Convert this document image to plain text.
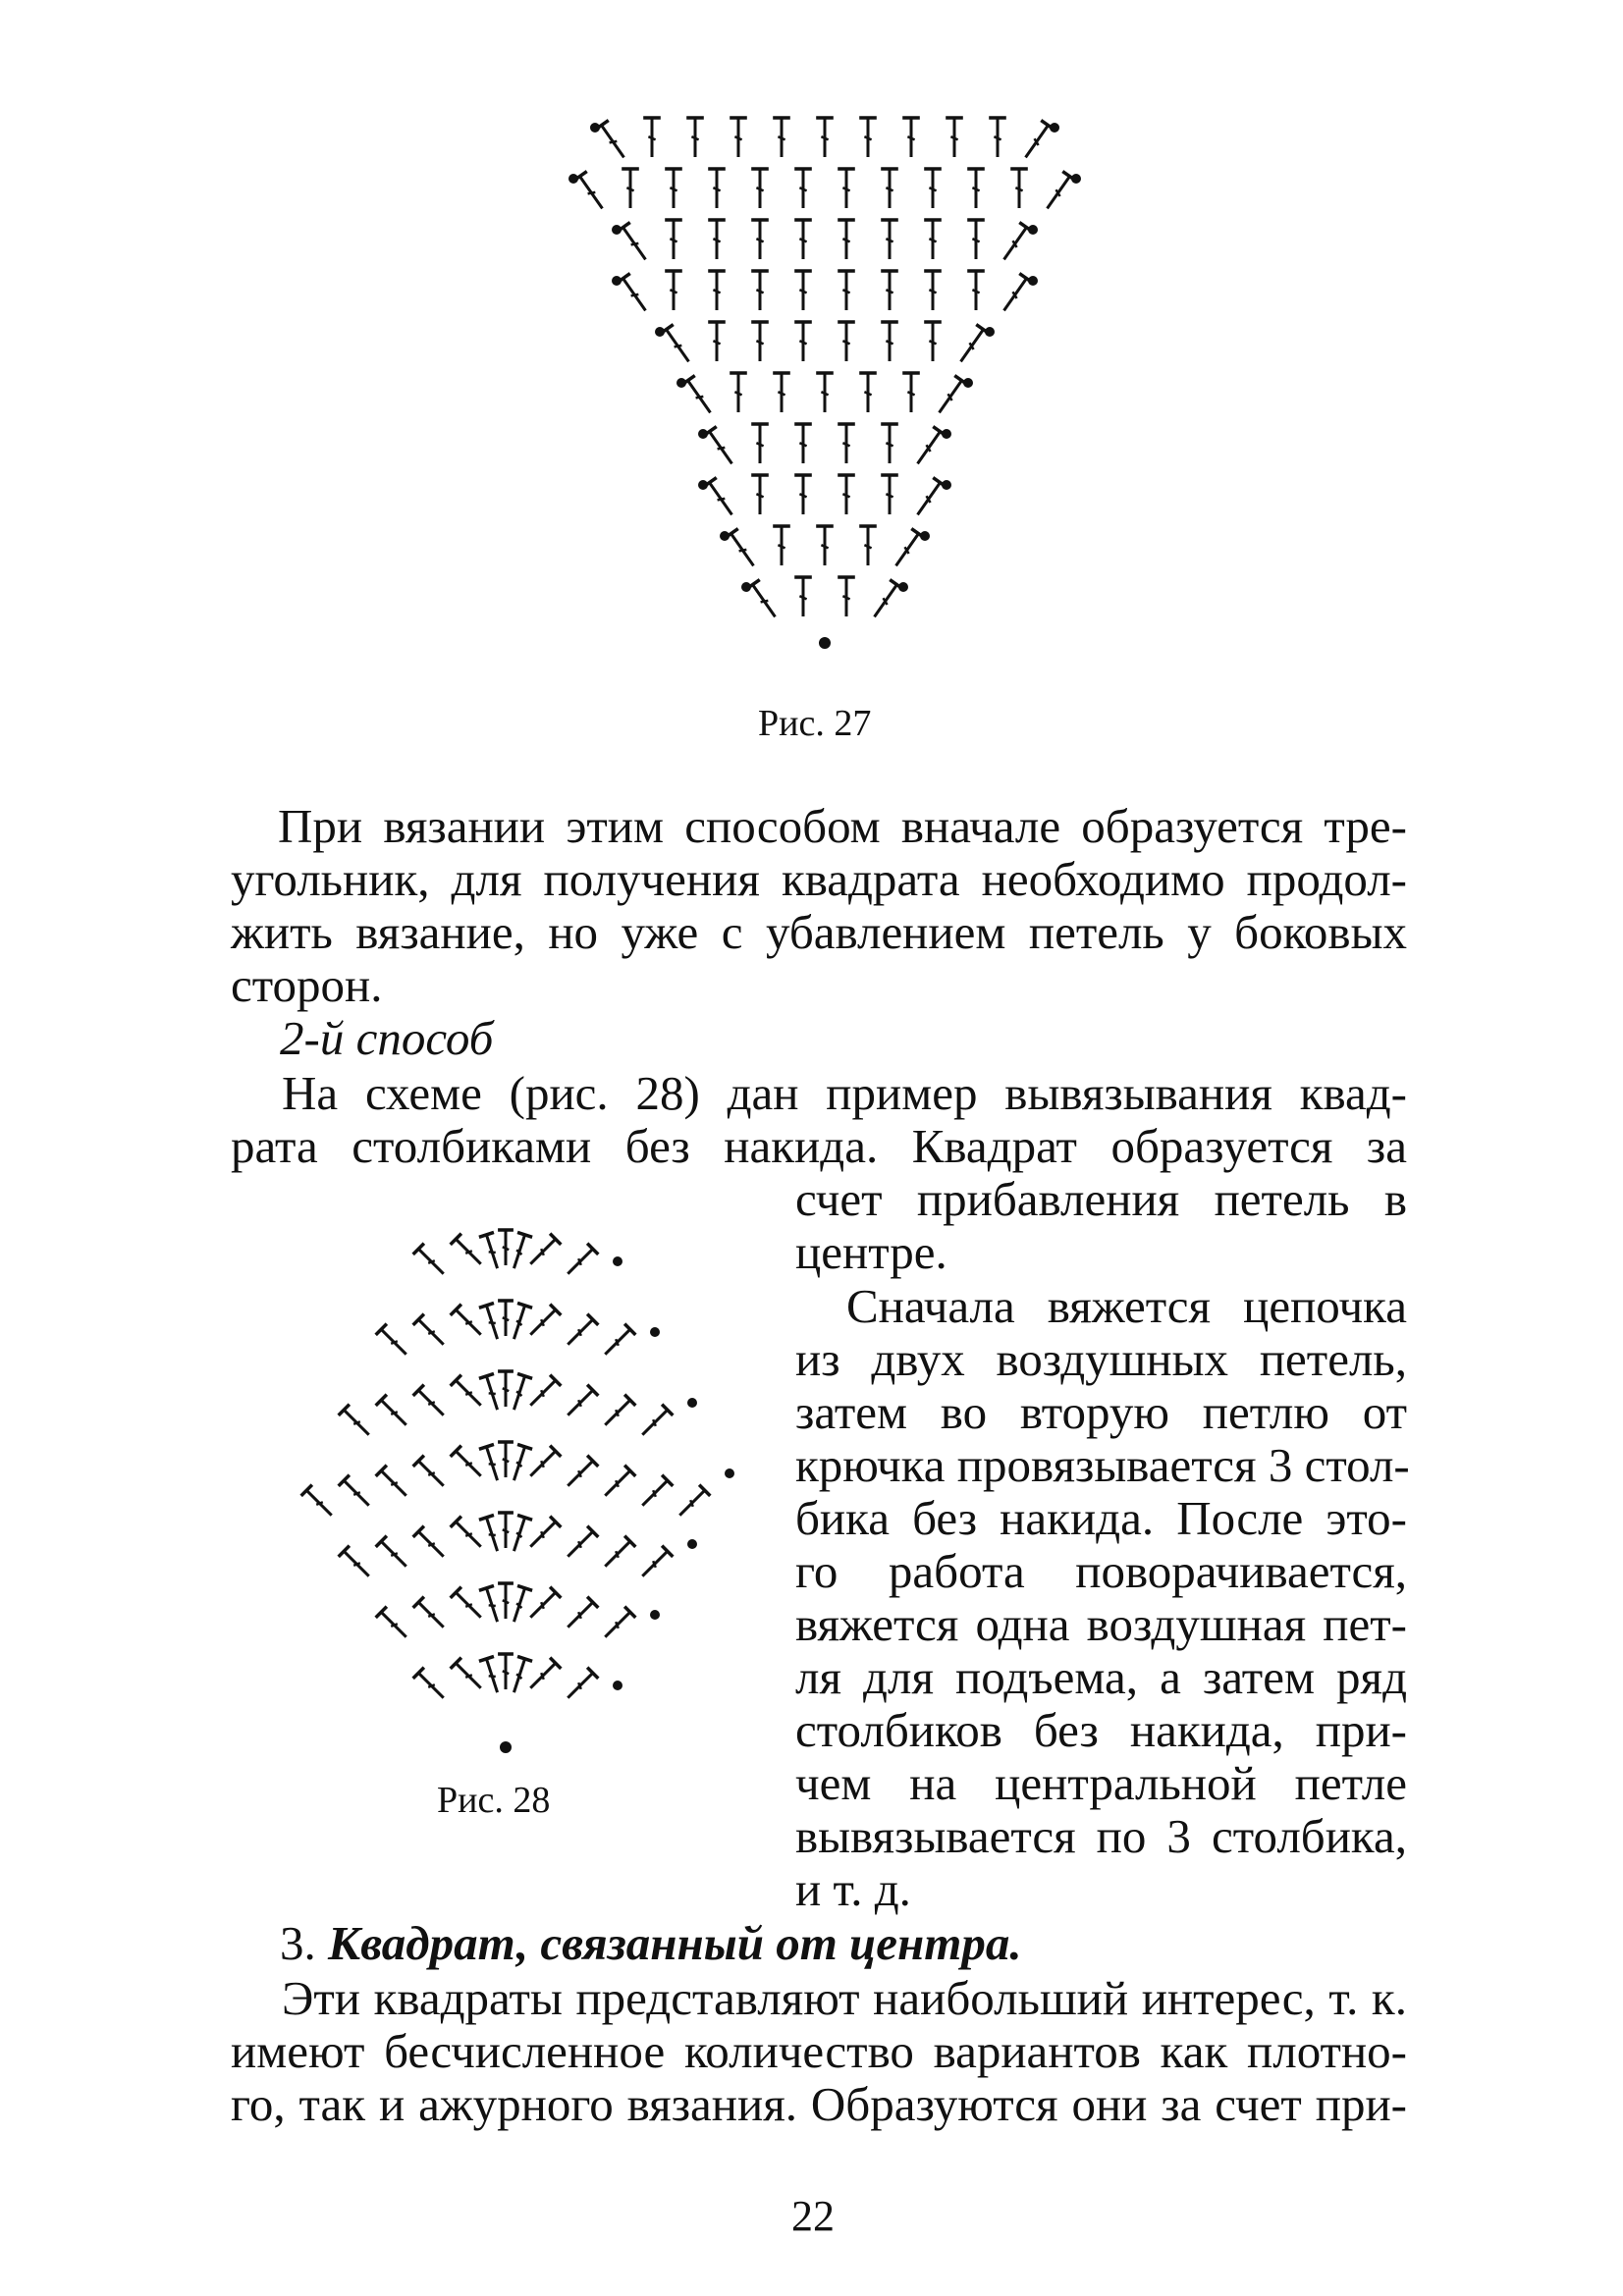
Рис. 27
При вязании этим способом вначале образуется тре-
угольник, для получения квадрата необходимо продол-
жить вязание, но уже с убавлением петель у боковых
сторон.
2-й способ
На схеме (рис. 28) дан пример вывязывания квад-
рата столбиками без накида. Квадрат образуется за
счет прибавления петель в
центре.
Рис. 28
Сначала вяжется цепочка
из двух воздушных петель,
затем во вторую петлю от
крючка провязывается 3 стол-
бика без накида. После это-
го работа поворачивается,
вяжется одна воздушная пет-
ля для подъема, а затем ряд
столбиков без накида, при-
чем на центральной петле
вывязывается по 3 столбика,
и т. д.
3. Квадрат, связанный от центра.
Эти квадраты представляют наибольший интерес, т. к.
имеют бесчисленное количество вариантов как плотно-
го, так и ажурного вязания. Образуются они за счет при-
22
